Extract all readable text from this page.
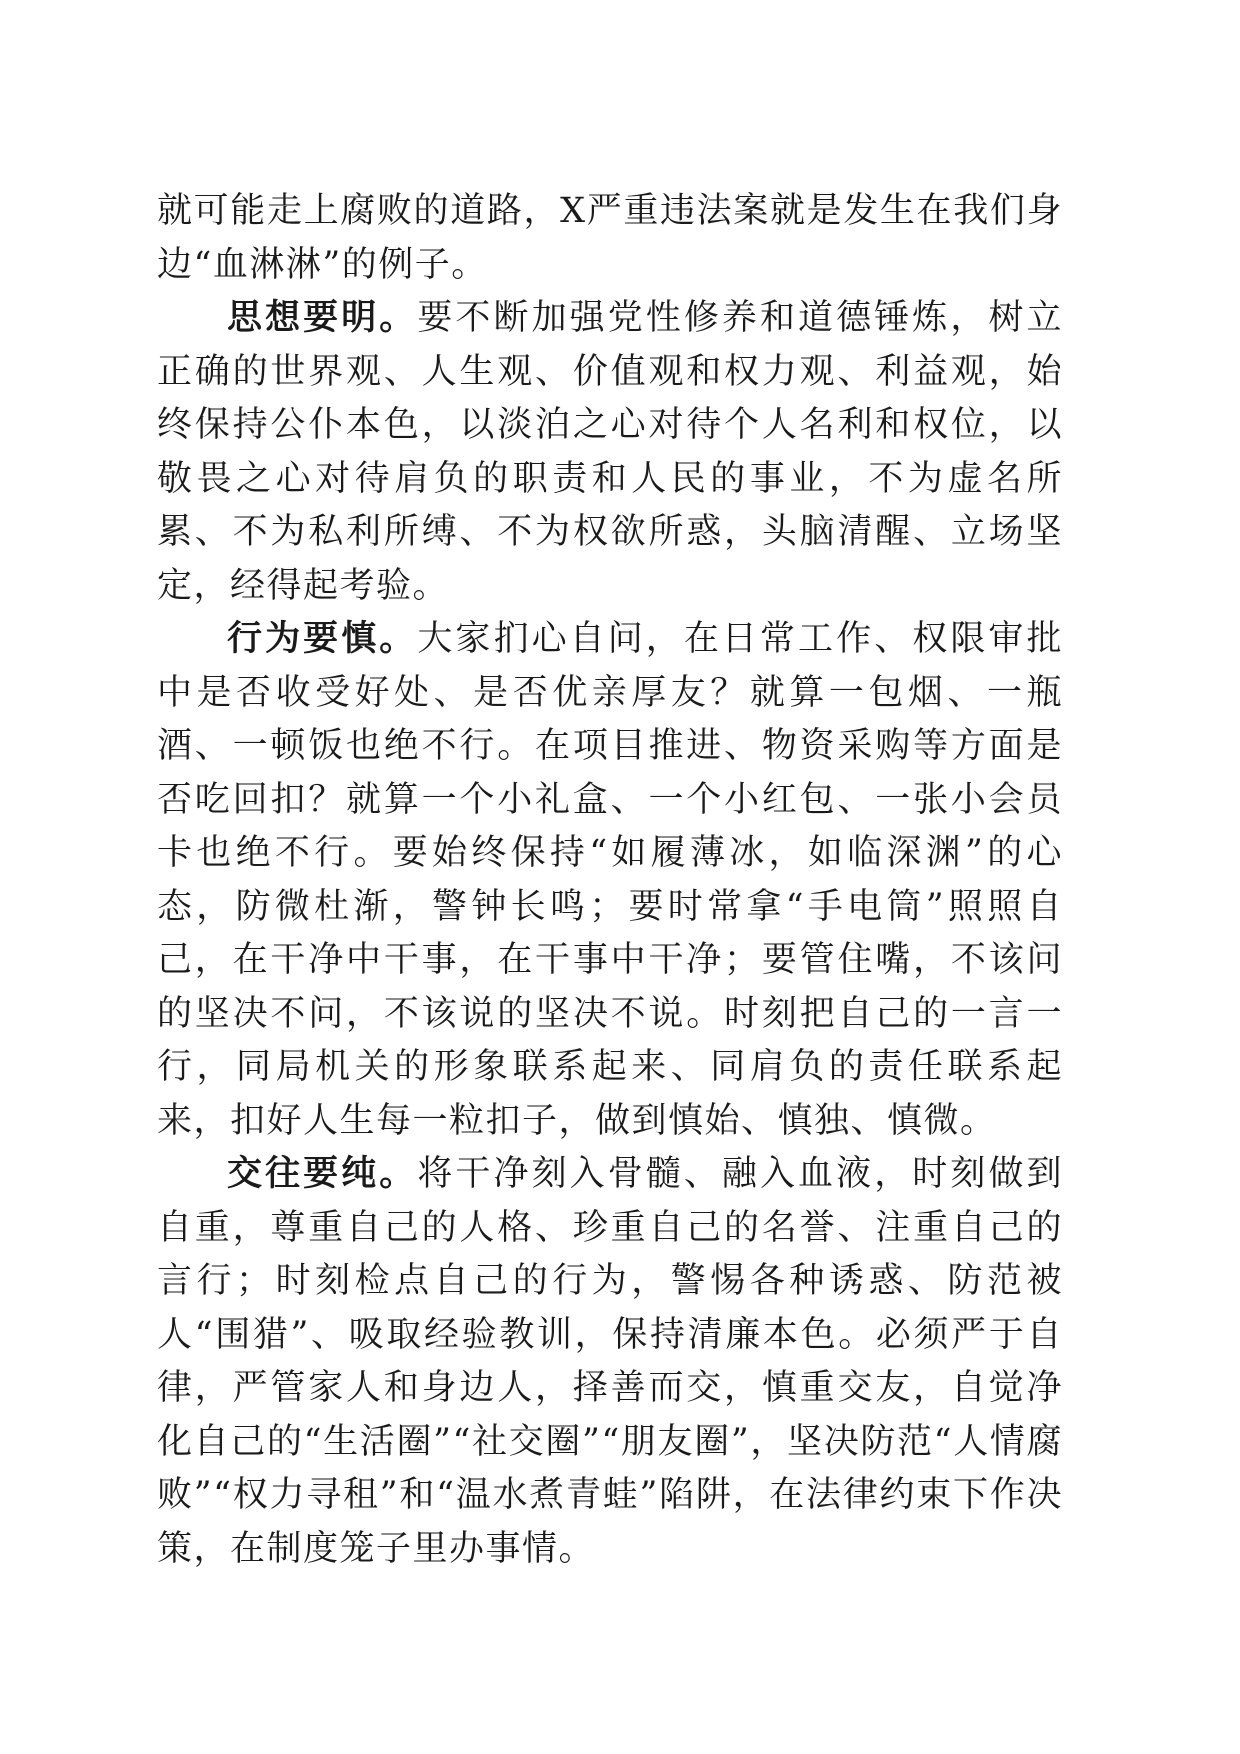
就可能走上腐败的道路，X严重违法案就是发生在我们身边“血淋淋”的例子。

思想要明。要不断加强党性修养和道德锤炼，树立正确的世界观、人生观、价值观和权力观、利益观，始终保持公仆本色，以淡泊之心对待个人名利和权位，以敬畏之心对待肩负的职责和人民的事业，不为虚名所累、不为私利所缚、不为权欲所惑，头脑清醒、立场坚定，经得起考验。

行为要慎。大家扪心自问，在日常工作、权限审批中是否收受好处、是否优亲厚友？就算一包烟、一瓶酒、一顿饭也绝不行。在项目推进、物资采购等方面是否吃回扣？就算一个小礼盒、一个小红包、一张小会员卡也绝不行。要始终保持“如履薄冰，如临深渊”的心态，防微杜渐，警钟长鸣；要时常拿“手电筒”照照自己，在干净中干事，在干事中干净；要管住嘴，不该问的坚决不问，不该说的坚决不说。时刻把自己的一言一行，同局机关的形象联系起来、同肩负的责任联系起来，扣好人生每一粒扣子，做到慎始、慎独、慎微。

交往要纯。将干净刻入骨髓、融入血液，时刻做到自重，尊重自己的人格、珍重自己的名誉、注重自己的言行；时刻检点自己的行为，警惕各种诱惑、防范被人“围猎”、吸取经验教训，保持清廉本色。必须严于自律，严管家人和身边人，择善而交，慎重交友，自觉净化自己的“生活圈”“社交圈”“朋友圈”，坚决防范“人情腐败”“权力寻租”和“温水煮青蛙”陷阱，在法律约束下作决策，在制度笼子里办事情。
